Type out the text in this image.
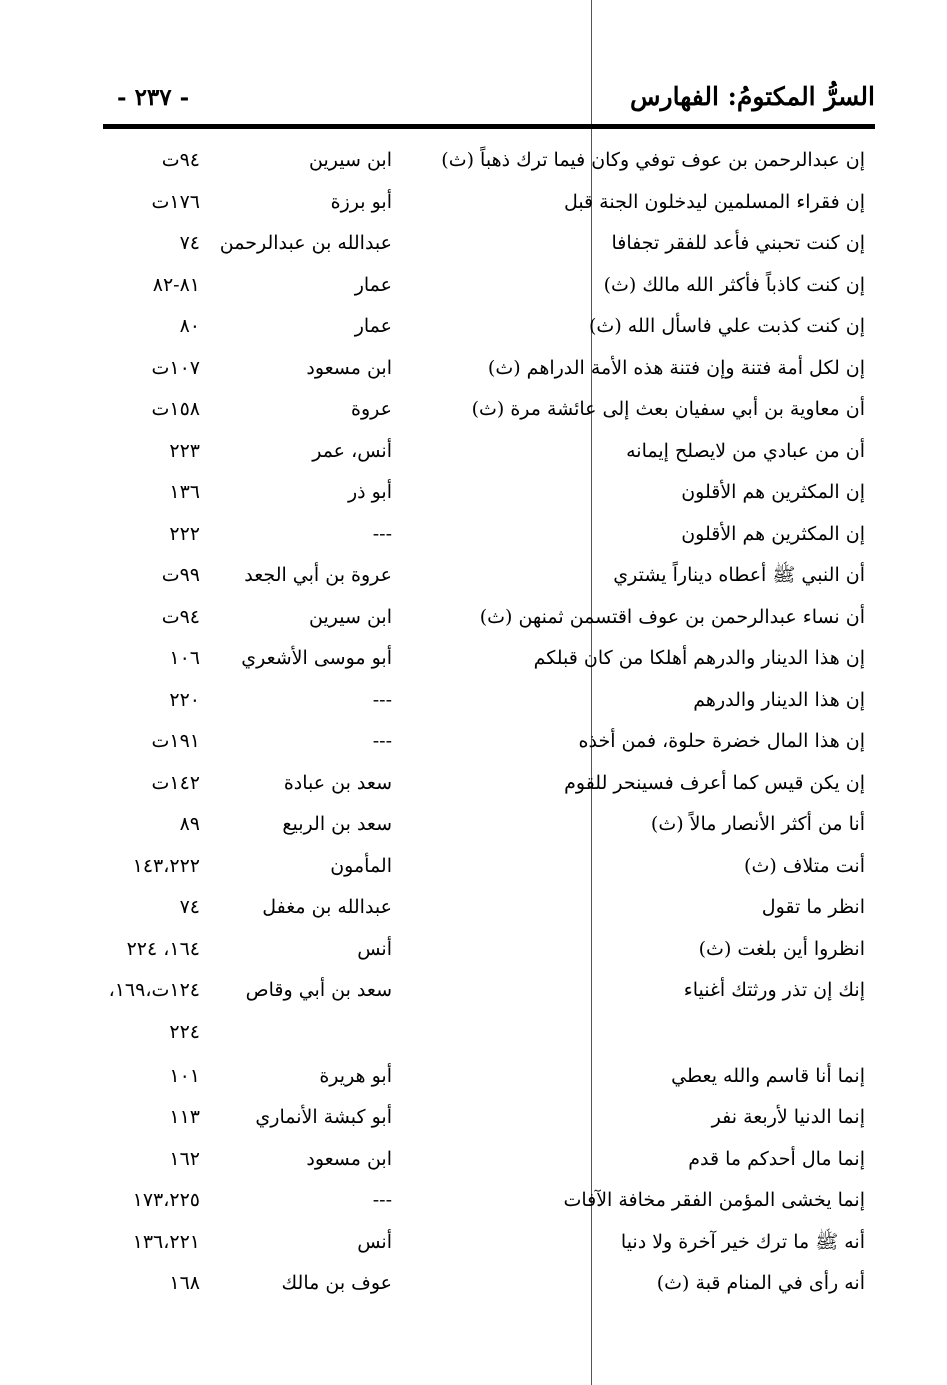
السرُّ المكتومُ: الفهارس
- ٢٣٧ -
إن عبدالرحمن بن عوف توفي وكان فيما ترك ذهباً (ث)
ابن سيرين
٩٤ت
إن فقراء المسلمين ليدخلون الجنة قبل
أبو برزة
١٧٦ت
إن كنت تحبني فأعد للفقر تجفافا
عبدالله بن عبدالرحمن
٧٤
إن كنت كاذباً فأكثر الله مالك (ث)
عمار
٨١-٨٢
إن كنت كذبت علي فاسأل الله (ث)
عمار
٨٠
إن لكل أمة فتنة وإن فتنة هذه الأمة الدراهم (ث)
ابن مسعود
١٠٧ت
أن معاوية بن أبي سفيان بعث إلى عائشة مرة (ث)
عروة
١٥٨ت
أن من عبادي من لايصلح إيمانه
أنس، عمر
٢٢٣
إن المكثرين هم الأقلون
أبو ذر
١٣٦
إن المكثرين هم الأقلون
---
٢٢٢
أن النبي ﷺ أعطاه ديناراً يشتري
عروة بن أبي الجعد
٩٩ت
أن نساء عبدالرحمن بن عوف اقتسمن ثمنهن (ث)
ابن سيرين
٩٤ت
إن هذا الدينار والدرهم أهلكا من كان قبلكم
أبو موسى الأشعري
١٠٦
إن هذا الدينار والدرهم
---
٢٢٠
إن هذا المال خضرة حلوة، فمن أخذه
---
١٩١ت
إن يكن قيس كما أعرف فسينحر للقوم
سعد بن عبادة
١٤٢ت
أنا من أكثر الأنصار مالاً (ث)
سعد بن الربيع
٨٩
أنت متلاف (ث)
المأمون
١٤٣،٢٢٢
انظر ما تقول
عبدالله بن مغفل
٧٤
انظروا أين بلغت (ث)
أنس
١٦٤، ٢٢٤
إنك إن تذر ورثتك أغنياء
سعد بن أبي وقاص
١٢٤ت،١٦٩،
٢٢٤
إنما أنا قاسم والله يعطي
أبو هريرة
١٠١
إنما الدنيا لأربعة نفر
أبو كبشة الأنماري
١١٣
إنما مال أحدكم ما قدم
ابن مسعود
١٦٢
إنما يخشى المؤمن الفقر مخافة الآفات
---
١٧٣،٢٢٥
أنه ﷺ ما ترك خير آخرة ولا دنيا
أنس
١٣٦،٢٢١
أنه رأى في المنام قبة (ث)
عوف بن مالك
١٦٨
